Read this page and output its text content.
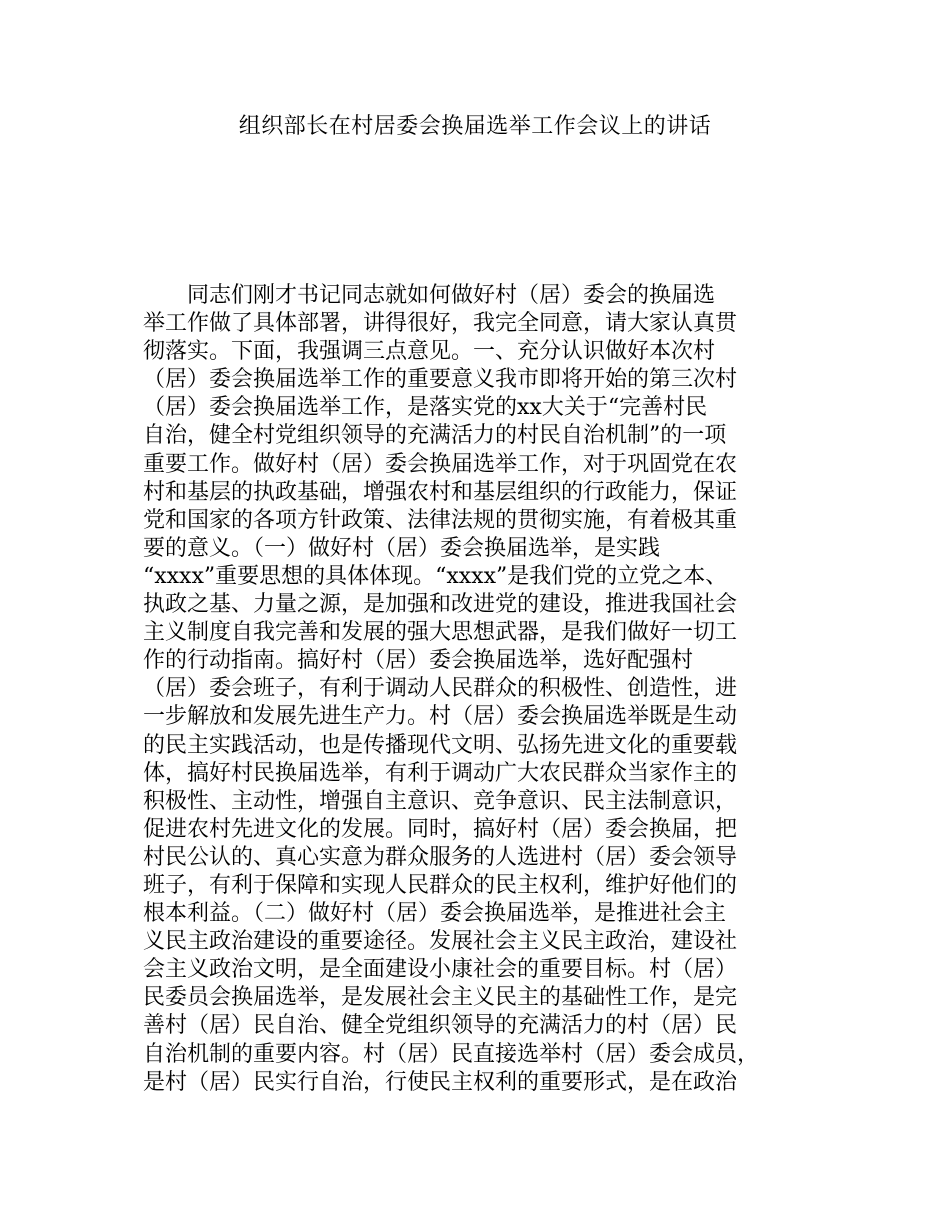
组织部长在村居委会换届选举工作会议上的讲话
　　同志们刚才书记同志就如何做好村（居）委会的换届选
举工作做了具体部署，讲得很好，我完全同意，请大家认真贯
彻落实。下面，我强调三点意见。一、充分认识做好本次村
（居）委会换届选举工作的重要意义我市即将开始的第三次村
（居）委会换届选举工作，是落实党的xx大关于“完善村民
自治，健全村党组织领导的充满活力的村民自治机制”的一项
重要工作。做好村（居）委会换届选举工作，对于巩固党在农
村和基层的执政基础，增强农村和基层组织的行政能力，保证
党和国家的各项方针政策、法律法规的贯彻实施，有着极其重
要的意义。（一）做好村（居）委会换届选举，是实践
“xxxx”重要思想的具体体现。“xxxx”是我们党的立党之本、
执政之基、力量之源，是加强和改进党的建设，推进我国社会
主义制度自我完善和发展的强大思想武器，是我们做好一切工
作的行动指南。搞好村（居）委会换届选举，选好配强村
（居）委会班子，有利于调动人民群众的积极性、创造性，进
一步解放和发展先进生产力。村（居）委会换届选举既是生动
的民主实践活动，也是传播现代文明、弘扬先进文化的重要载
体，搞好村民换届选举，有利于调动广大农民群众当家作主的
积极性、主动性，增强自主意识、竞争意识、民主法制意识，
促进农村先进文化的发展。同时，搞好村（居）委会换届，把
村民公认的、真心实意为群众服务的人选进村（居）委会领导
班子，有利于保障和实现人民群众的民主权利，维护好他们的
根本利益。（二）做好村（居）委会换届选举，是推进社会主
义民主政治建设的重要途径。发展社会主义民主政治，建设社
会主义政治文明，是全面建设小康社会的重要目标。村（居）
民委员会换届选举，是发展社会主义民主的基础性工作，是完
善村（居）民自治、健全党组织领导的充满活力的村（居）民
自治机制的重要内容。村（居）民直接选举村（居）委会成员，
是村（居）民实行自治，行使民主权利的重要形式，是在政治
